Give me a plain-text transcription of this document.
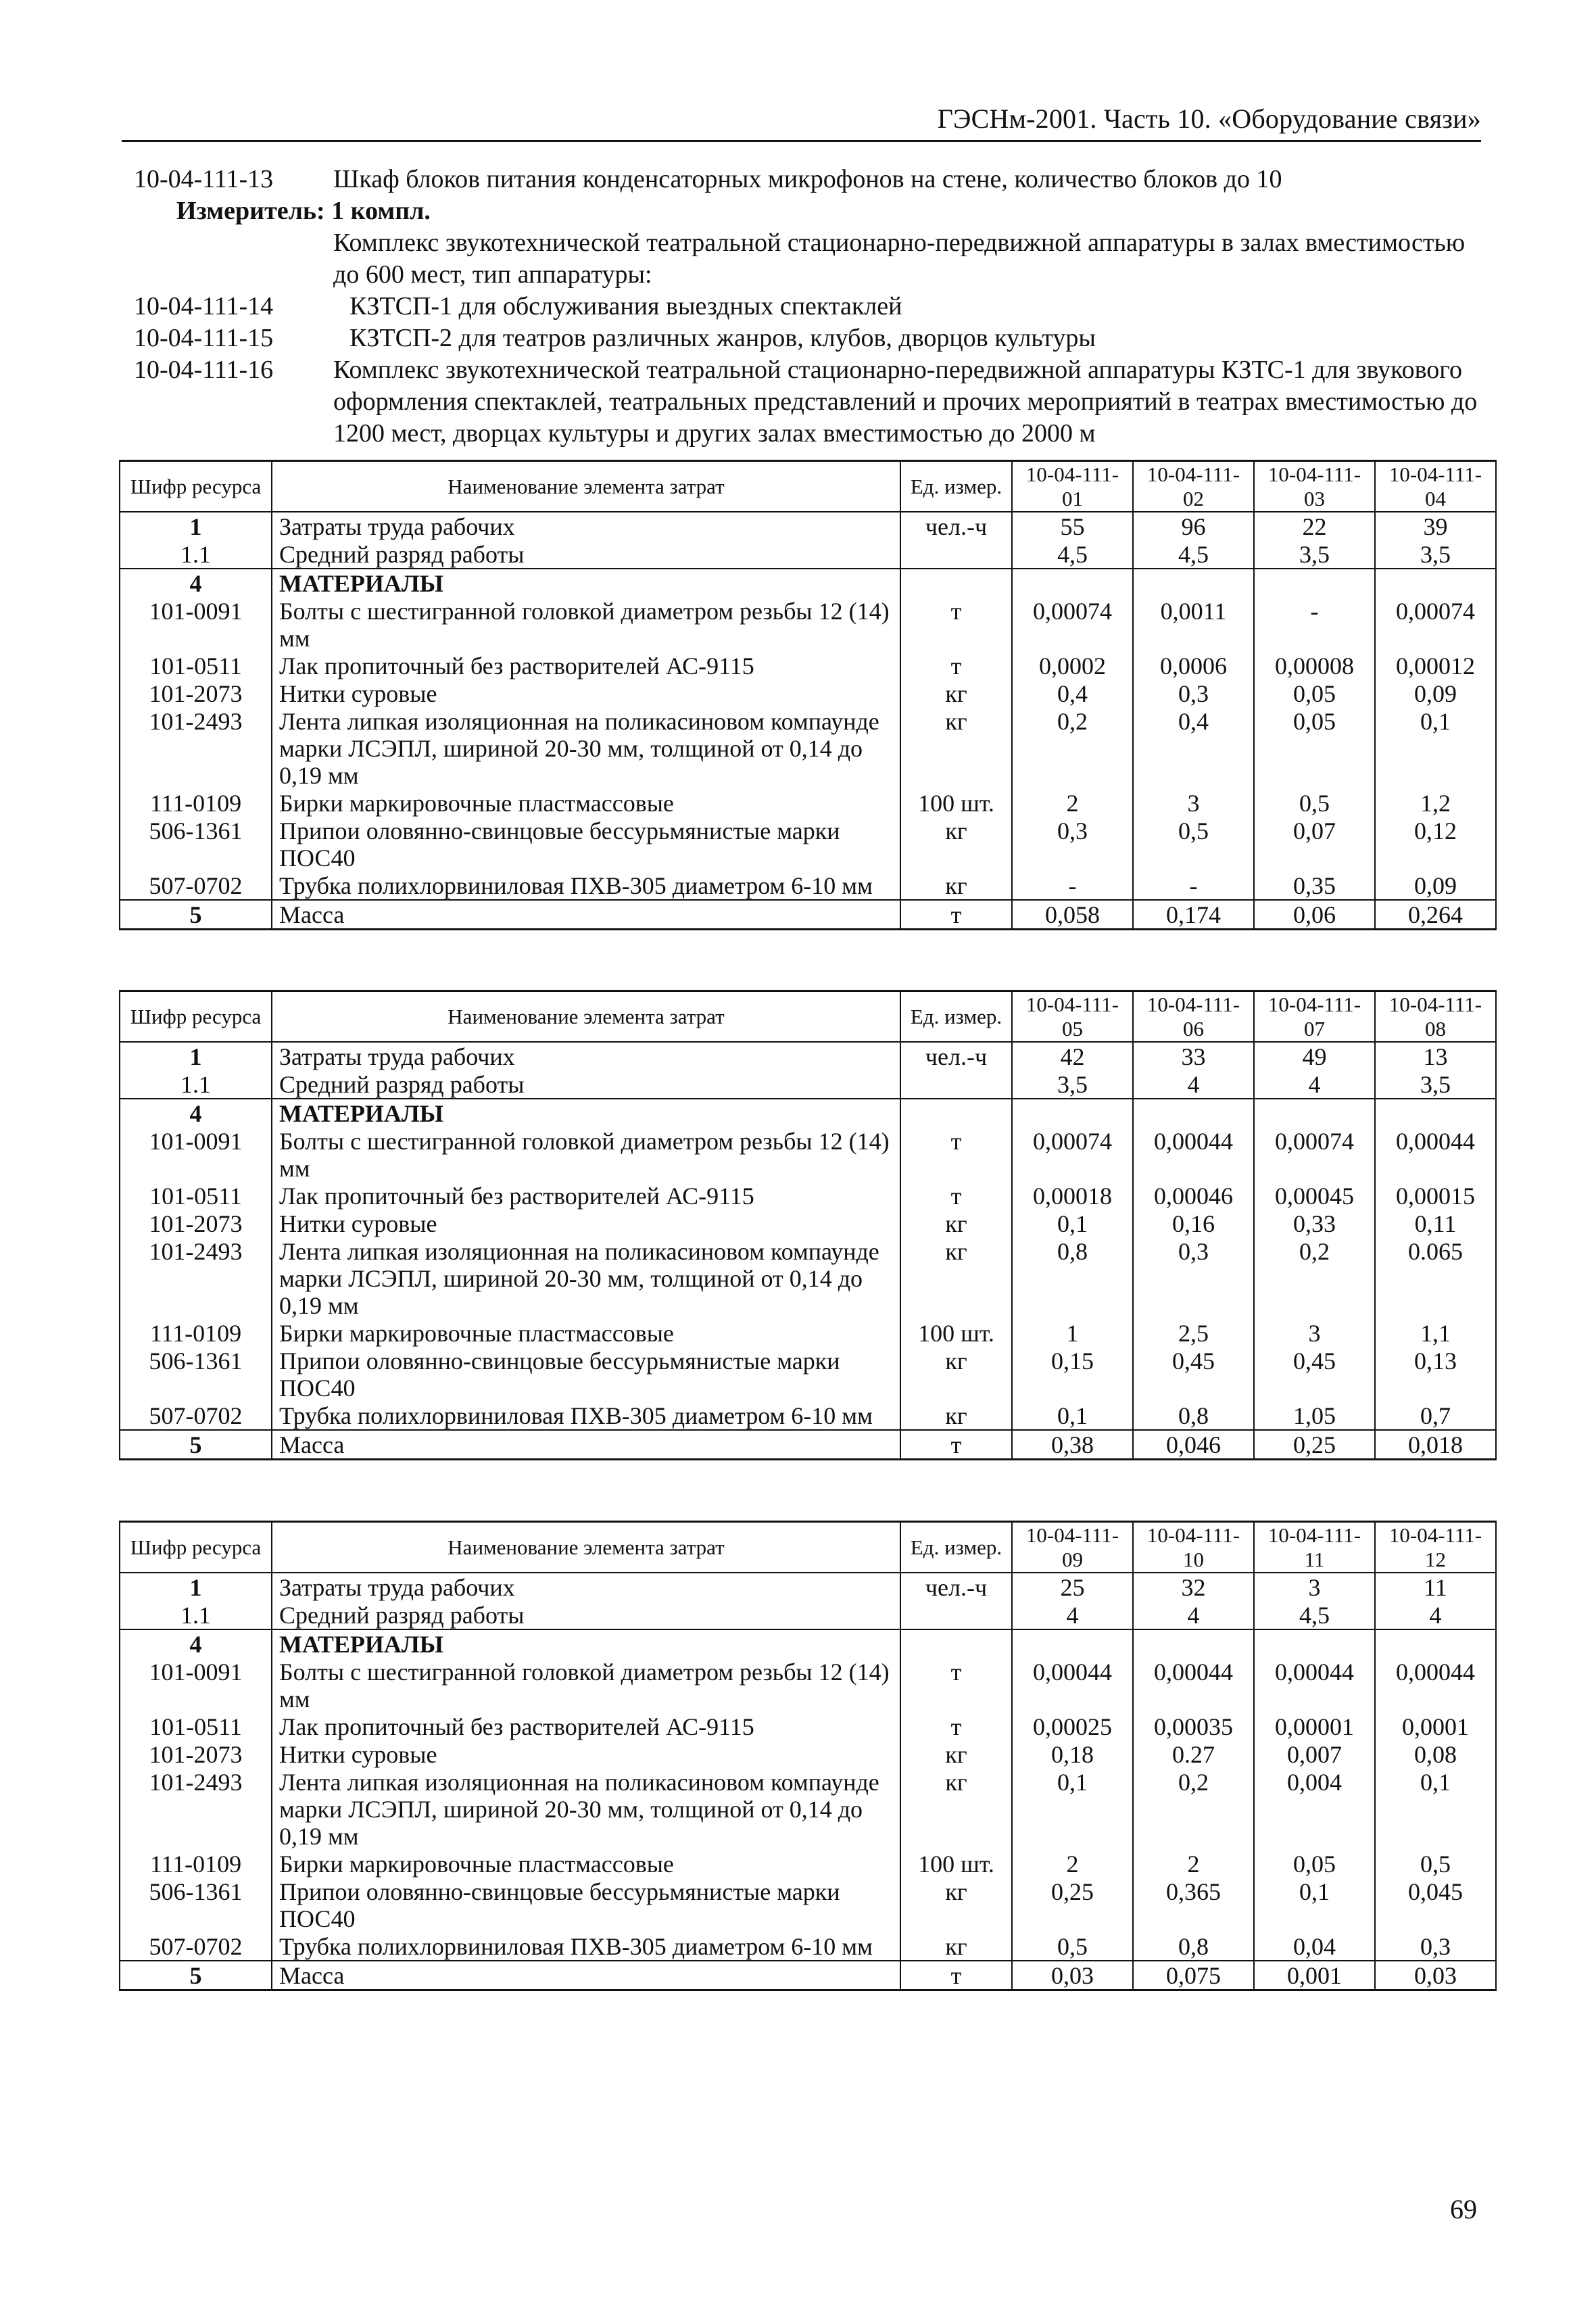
ГЭСНм-2001. Часть 10. «Оборудование связи»
10-04-111-13	Шкаф блоков питания конденсаторных микрофонов на стене, количество блоков до 10
Измеритель: 1 компл.
Комплекс звукотехнической театральной стационарно-передвижной аппаратуры в залах вместимостью до 600 мест, тип аппаратуры:
10-04-111-14	КЗТСП-1 для обслуживания выездных спектаклей
10-04-111-15	КЗТСП-2 для театров различных жанров, клубов, дворцов культуры
10-04-111-16	Комплекс звукотехнической театральной стационарно-передвижной аппаратуры КЗТС-1 для звукового оформления спектаклей, театральных представлений и прочих мероприятий в театрах вместимостью до 1200 мест, дворцах культуры и других залах вместимостью до 2000 м
Шифр ресурса	Наименование элемента затрат	Ед. измер.	10-04-111-01	10-04-111-02	10-04-111-03	10-04-111-04
1	Затраты труда рабочих	чел.-ч	55	96	22	39
1.1	Средний разряд работы		4,5	4,5	3,5	3,5
4	МАТЕРИАЛЫ					
101-0091	Болты с шестигранной головкой диаметром резьбы 12 (14) мм	т	0,00074	0,0011	-	0,00074
101-0511	Лак пропиточный без растворителей АС-9115	т	0,0002	0,0006	0,00008	0,00012
101-2073	Нитки суровые	кг	0,4	0,3	0,05	0,09
101-2493	Лента липкая изоляционная на поликасиновом компаунде марки ЛСЭПЛ, шириной 20-30 мм, толщиной от 0,14 до 0,19 мм	кг	0,2	0,4	0,05	0,1
111-0109	Бирки маркировочные пластмассовые	100 шт.	2	3	0,5	1,2
506-1361	Припои оловянно-свинцовые бессурьмянистые марки ПОС40	кг	0,3	0,5	0,07	0,12
507-0702	Трубка полихлорвиниловая ПХВ-305 диаметром 6-10 мм	кг	-	-	0,35	0,09
5	Масса	т	0,058	0,174	0,06	0,264
Шифр ресурса	Наименование элемента затрат	Ед. измер.	10-04-111-05	10-04-111-06	10-04-111-07	10-04-111-08
1	Затраты труда рабочих	чел.-ч	42	33	49	13
1.1	Средний разряд работы		3,5	4	4	3,5
4	МАТЕРИАЛЫ					
101-0091	Болты с шестигранной головкой диаметром резьбы 12 (14) мм	т	0,00074	0,00044	0,00074	0,00044
101-0511	Лак пропиточный без растворителей АС-9115	т	0,00018	0,00046	0,00045	0,00015
101-2073	Нитки суровые	кг	0,1	0,16	0,33	0,11
101-2493	Лента липкая изоляционная на поликасиновом компаунде марки ЛСЭПЛ, шириной 20-30 мм, толщиной от 0,14 до 0,19 мм	кг	0,8	0,3	0,2	0.065
111-0109	Бирки маркировочные пластмассовые	100 шт.	1	2,5	3	1,1
506-1361	Припои оловянно-свинцовые бессурьмянистые марки ПОС40	кг	0,15	0,45	0,45	0,13
507-0702	Трубка полихлорвиниловая ПХВ-305 диаметром 6-10 мм	кг	0,1	0,8	1,05	0,7
5	Масса	т	0,38	0,046	0,25	0,018
Шифр ресурса	Наименование элемента затрат	Ед. измер.	10-04-111-09	10-04-111-10	10-04-111-11	10-04-111-12
1	Затраты труда рабочих	чел.-ч	25	32	3	11
1.1	Средний разряд работы		4	4	4,5	4
4	МАТЕРИАЛЫ					
101-0091	Болты с шестигранной головкой диаметром резьбы 12 (14) мм	т	0,00044	0,00044	0,00044	0,00044
101-0511	Лак пропиточный без растворителей АС-9115	т	0,00025	0,00035	0,00001	0,0001
101-2073	Нитки суровые	кг	0,18	0.27	0,007	0,08
101-2493	Лента липкая изоляционная на поликасиновом компаунде марки ЛСЭПЛ, шириной 20-30 мм, толщиной от 0,14 до 0,19 мм	кг	0,1	0,2	0,004	0,1
111-0109	Бирки маркировочные пластмассовые	100 шт.	2	2	0,05	0,5
506-1361	Припои оловянно-свинцовые бессурьмянистые марки ПОС40	кг	0,25	0,365	0,1	0,045
507-0702	Трубка полихлорвиниловая ПХВ-305 диаметром 6-10 мм	кг	0,5	0,8	0,04	0,3
5	Масса	т	0,03	0,075	0,001	0,03
69
